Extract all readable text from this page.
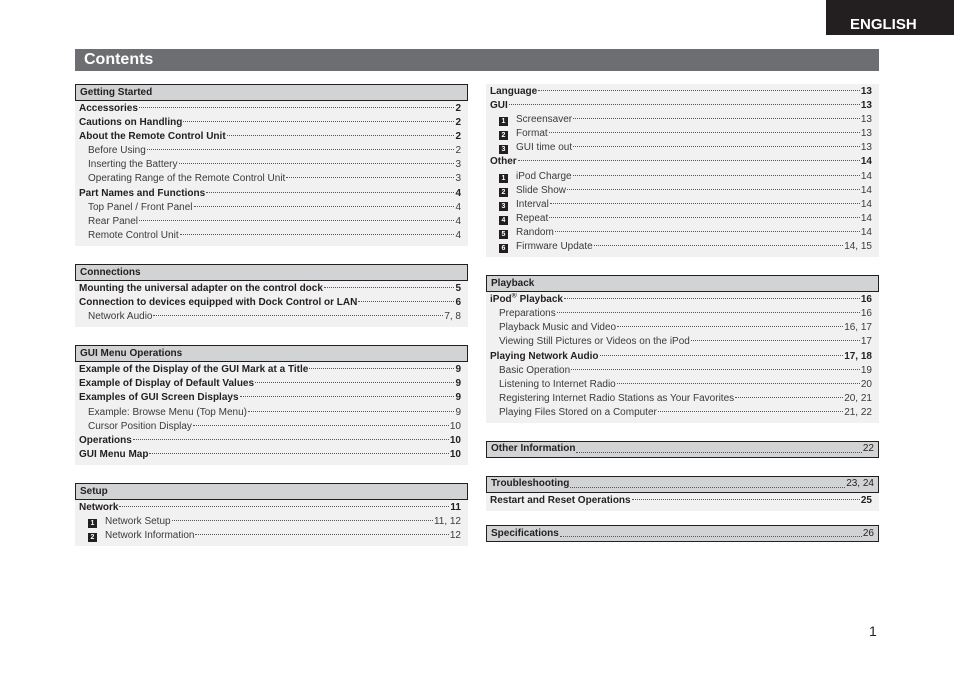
ENGLISH
Contents
Getting Started
Accessories	2
Cautions on Handling	2
About the Remote Control Unit	2
Before Using	2
Inserting the Battery	3
Operating Range of the Remote Control Unit	3
Part Names and Functions	4
Top Panel / Front Panel	4
Rear Panel	4
Remote Control Unit	4
Connections
Mounting the universal adapter on the control dock	5
Connection to devices equipped with Dock Control or LAN	6
Network Audio	7, 8
GUI Menu Operations
Example of the Display of the GUI Mark at a Title	9
Example of Display of Default Values	9
Examples of GUI Screen Displays	9
Example: Browse Menu (Top Menu)	9
Cursor Position Display	10
Operations	10
GUI Menu Map	10
Setup
Network	11
1 Network Setup	11, 12
2 Network Information	12
Language	13
GUI	13
1 Screensaver	13
2 Format	13
3 GUI time out	13
Other	14
1 iPod Charge	14
2 Slide Show	14
3 Interval	14
4 Repeat	14
5 Random	14
6 Firmware Update	14, 15
Playback
iPod® Playback	16
Preparations	16
Playback Music and Video	16, 17
Viewing Still Pictures or Videos on the iPod	17
Playing Network Audio	17, 18
Basic Operation	19
Listening to Internet Radio	20
Registering Internet Radio Stations as Your Favorites	20, 21
Playing Files Stored on a Computer	21, 22
Other Information	22
Troubleshooting	23, 24
Restart and Reset Operations	25
Specifications	26
1
